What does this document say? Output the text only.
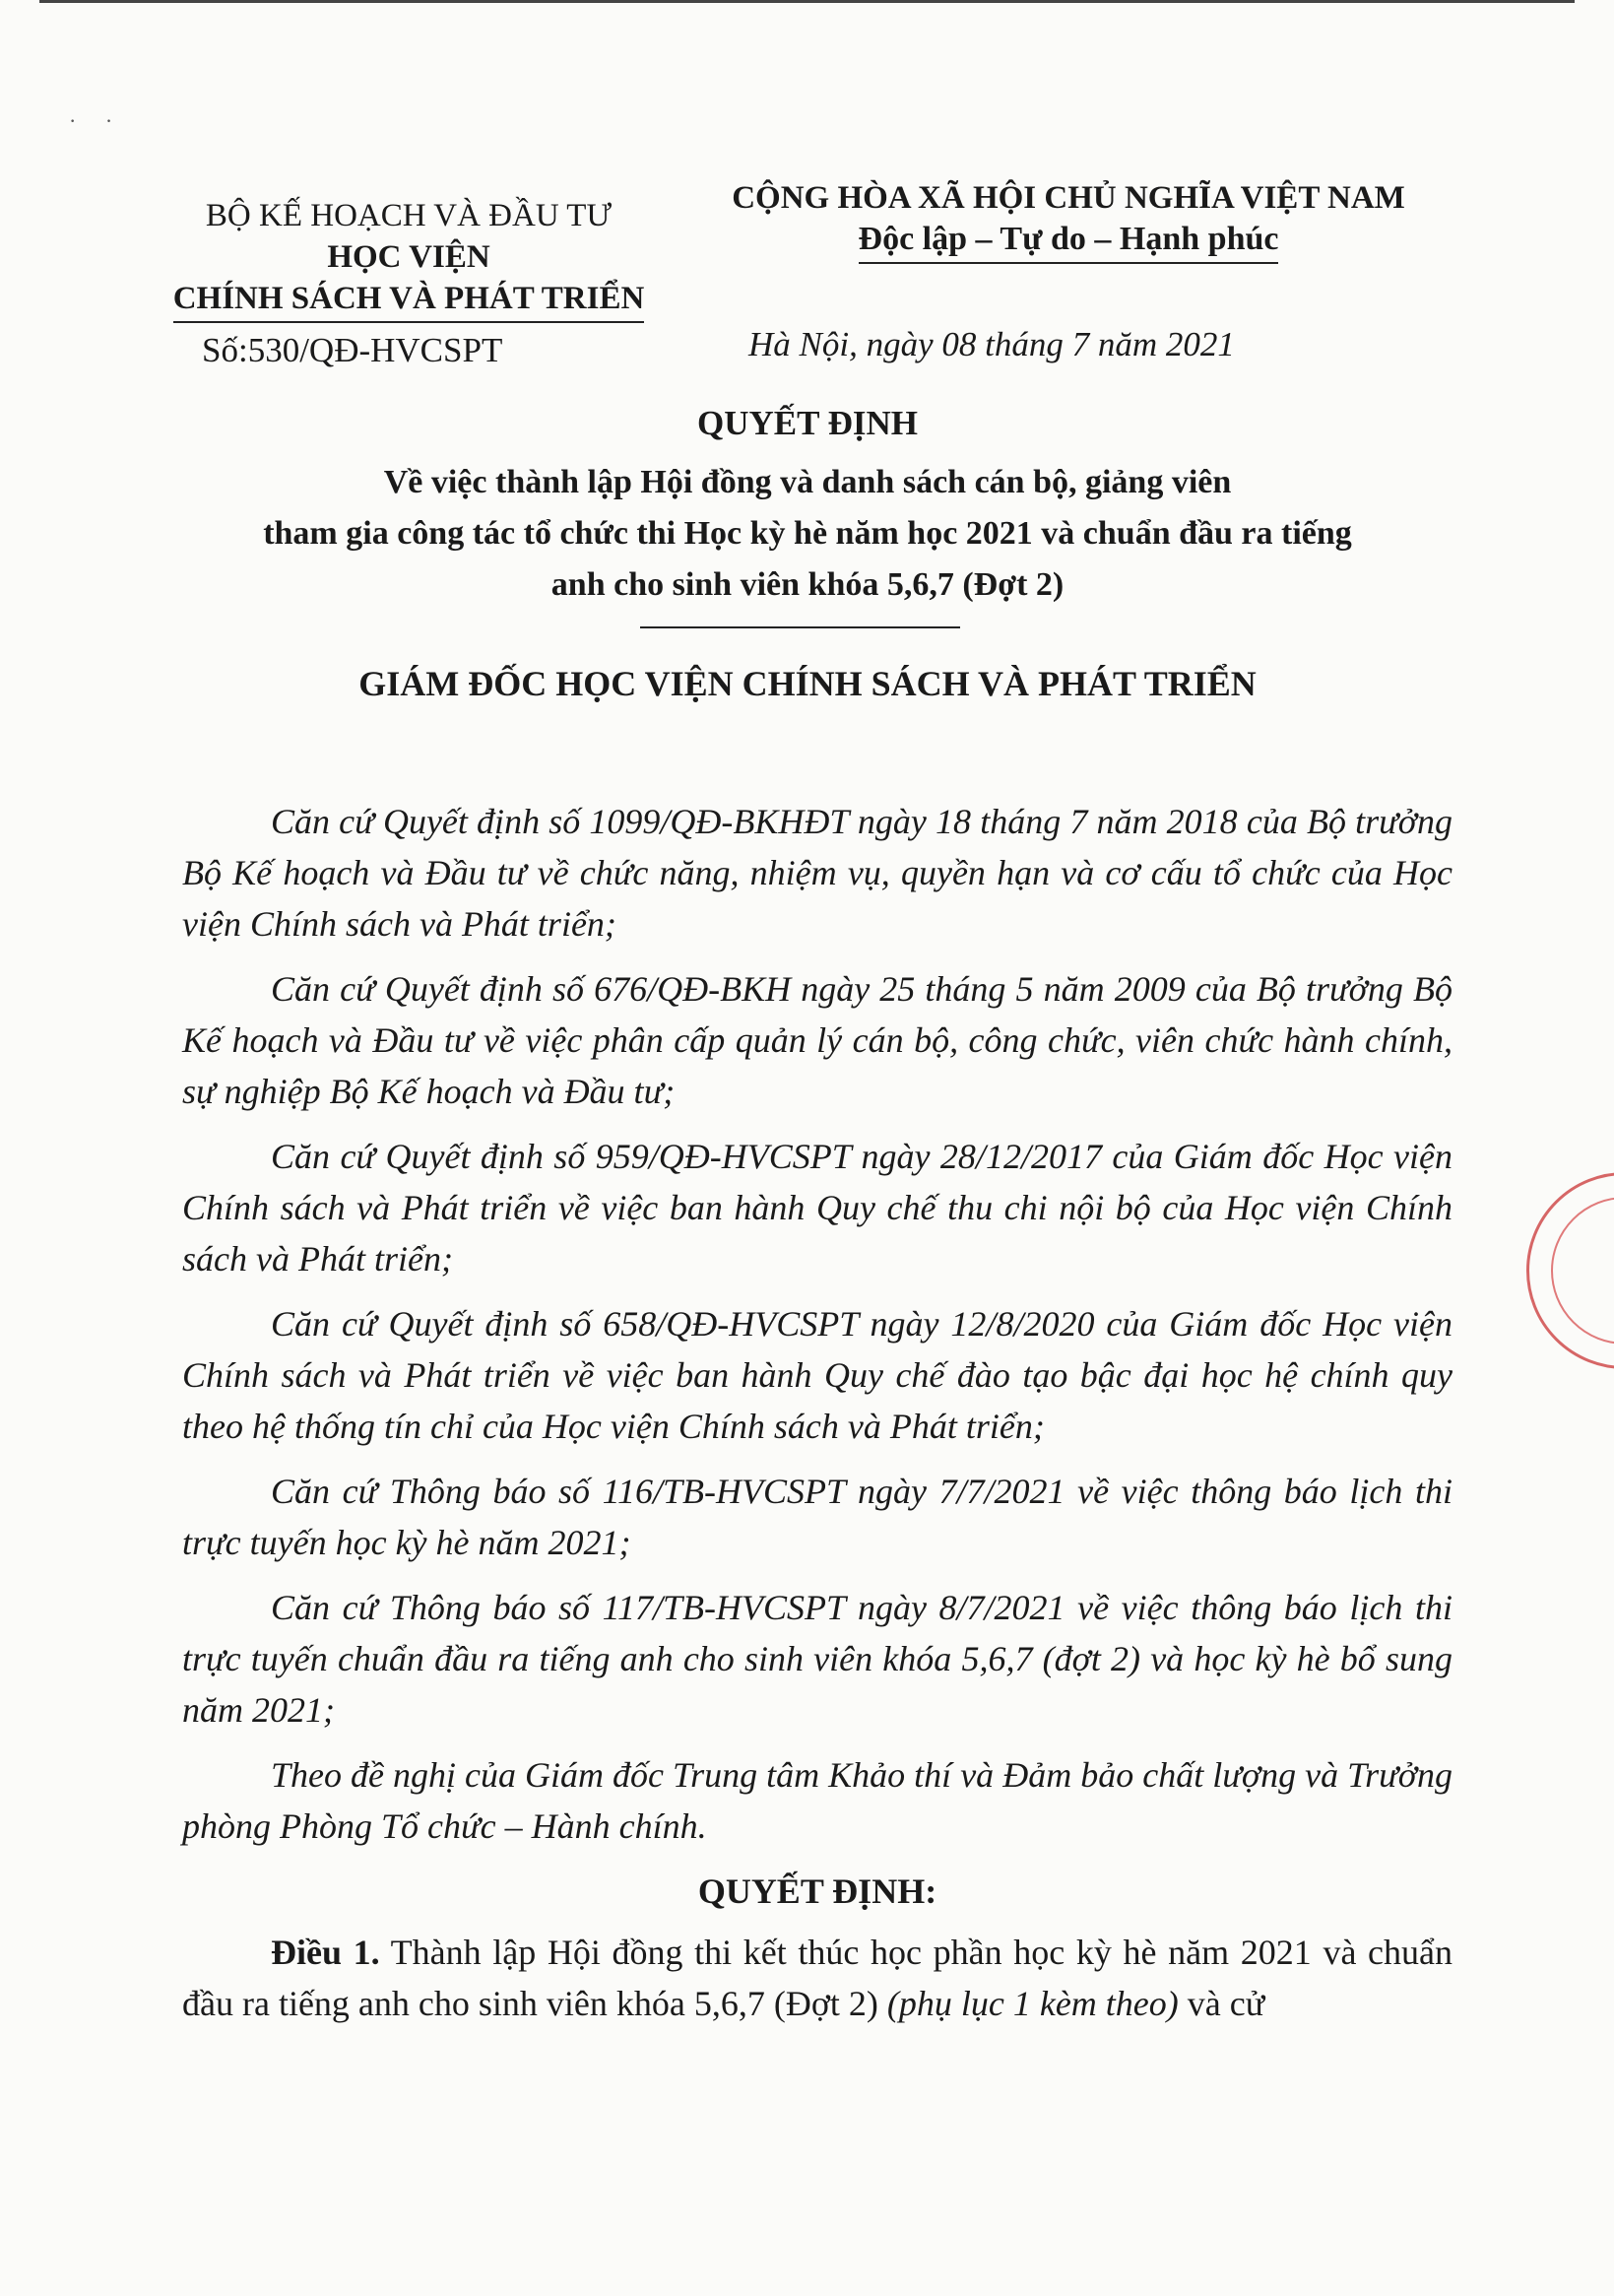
· ·
BỘ KẾ HOẠCH VÀ ĐẦU TƯ
HỌC VIỆN
CHÍNH SÁCH VÀ PHÁT TRIỂN
CỘNG HÒA XÃ HỘI CHỦ NGHĨA VIỆT NAM
Độc lập – Tự do – Hạnh phúc
Số:530/QĐ-HVCSPT	Hà Nội, ngày 08 tháng 7 năm 2021
QUYẾT ĐỊNH
Về việc thành lập Hội đồng và danh sách cán bộ, giảng viên
tham gia công tác tổ chức thi Học kỳ hè năm học 2021 và chuẩn đầu ra tiếng
anh cho sinh viên khóa 5,6,7 (Đợt 2)
GIÁM ĐỐC HỌC VIỆN CHÍNH SÁCH VÀ PHÁT TRIỂN

Căn cứ Quyết định số 1099/QĐ-BKHĐT ngày 18 tháng 7 năm 2018 của Bộ trưởng Bộ Kế hoạch và Đầu tư về chức năng, nhiệm vụ, quyền hạn và cơ cấu tổ chức của Học viện Chính sách và Phát triển;

Căn cứ Quyết định số 676/QĐ-BKH ngày 25 tháng 5 năm 2009 của Bộ trưởng Bộ Kế hoạch và Đầu tư về việc phân cấp quản lý cán bộ, công chức, viên chức hành chính, sự nghiệp Bộ Kế hoạch và Đầu tư;

Căn cứ Quyết định số 959/QĐ-HVCSPT ngày 28/12/2017 của Giám đốc Học viện Chính sách và Phát triển về việc ban hành Quy chế thu chi nội bộ của Học viện Chính sách và Phát triển;

Căn cứ Quyết định số 658/QĐ-HVCSPT ngày 12/8/2020 của Giám đốc Học viện Chính sách và Phát triển về việc ban hành Quy chế đào tạo bậc đại học hệ chính quy theo hệ thống tín chỉ của Học viện Chính sách và Phát triển;

Căn cứ Thông báo số 116/TB-HVCSPT ngày 7/7/2021 về việc thông báo lịch thi trực tuyến học kỳ hè năm 2021;

Căn cứ Thông báo số 117/TB-HVCSPT ngày 8/7/2021 về việc thông báo lịch thi trực tuyến chuẩn đầu ra tiếng anh cho sinh viên khóa 5,6,7 (đợt 2) và học kỳ hè bổ sung năm 2021;

Theo đề nghị của Giám đốc Trung tâm Khảo thí và Đảm bảo chất lượng và Trưởng phòng Phòng Tổ chức – Hành chính.

QUYẾT ĐỊNH:

Điều 1. Thành lập Hội đồng thi kết thúc học phần học kỳ hè năm 2021 và chuẩn đầu ra tiếng anh cho sinh viên khóa 5,6,7 (Đợt 2) (phụ lục 1 kèm theo) và cử
